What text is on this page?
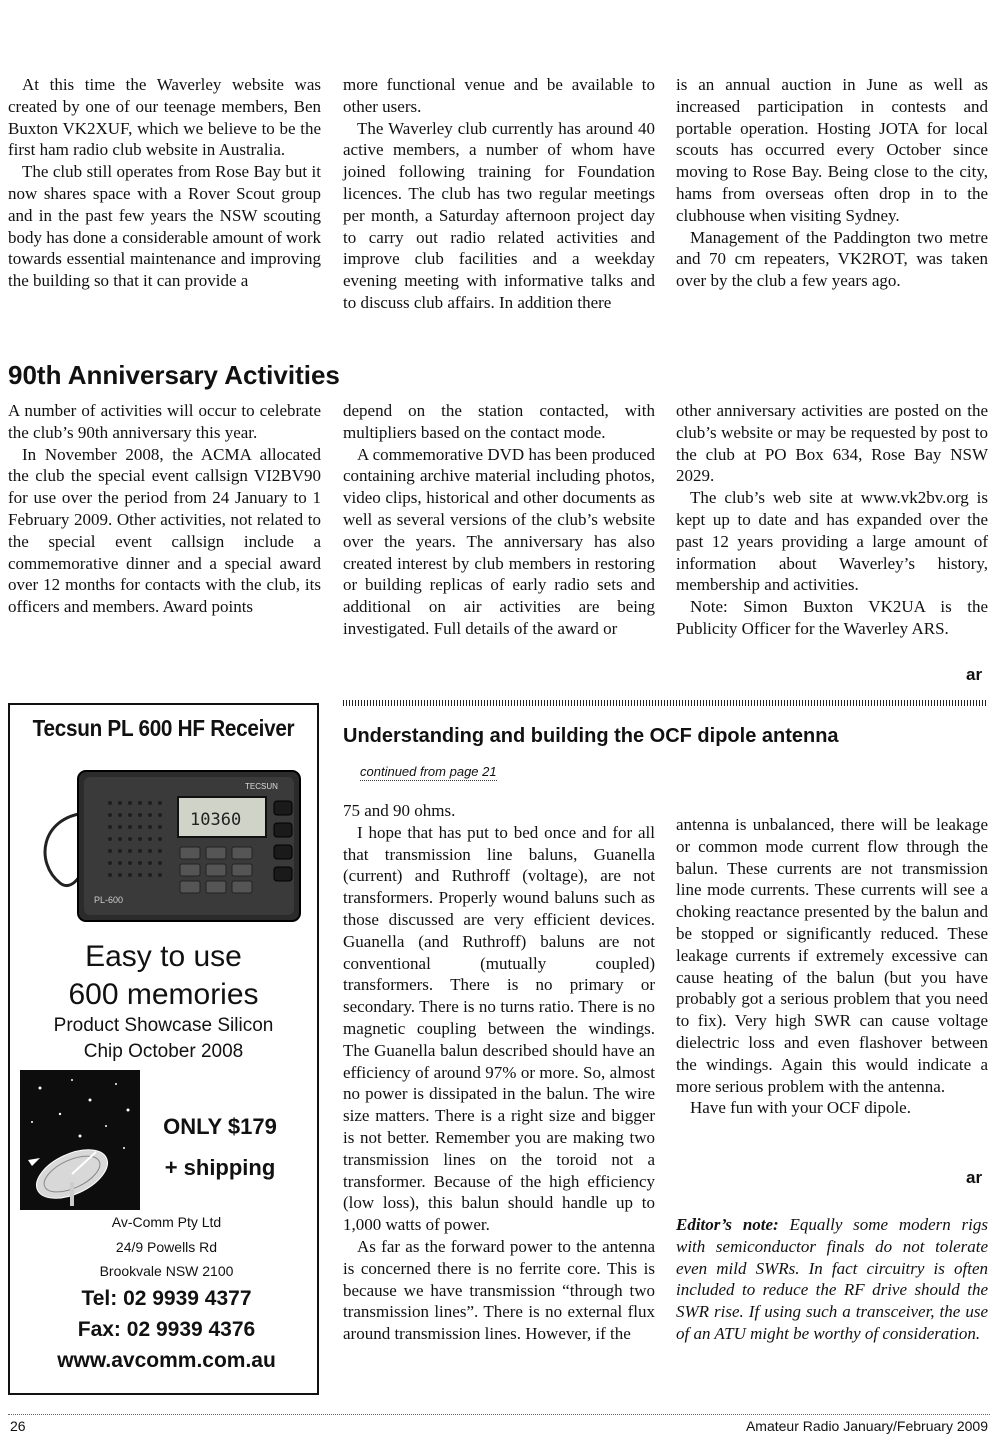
At this time the Waverley website was created by one of our teenage members, Ben Buxton VK2XUF, which we believe to be the first ham radio club website in Australia.

The club still operates from Rose Bay but it now shares space with a Rover Scout group and in the past few years the NSW scouting body has done a considerable amount of work towards essential maintenance and improving the building so that it can provide a

more functional venue and be available to other users.

The Waverley club currently has around 40 active members, a number of whom have joined following training for Foundation licences. The club has two regular meetings per month, a Saturday afternoon project day to carry out radio related activities and improve club facilities and a weekday evening meeting with informative talks and to discuss club affairs. In addition there

is an annual auction in June as well as increased participation in contests and portable operation. Hosting JOTA for local scouts has occurred every October since moving to Rose Bay. Being close to the city, hams from overseas often drop in to the clubhouse when visiting Sydney.

Management of the Paddington two metre and 70 cm repeaters, VK2ROT, was taken over by the club a few years ago.

90th Anniversary Activities

A number of activities will occur to celebrate the club’s 90th anniversary this year.

In November 2008, the ACMA allocated the club the special event callsign VI2BV90 for use over the period from 24 January to 1 February 2009. Other activities, not related to the special event callsign include a commemorative dinner and a special award over 12 months for contacts with the club, its officers and members. Award points

depend on the station contacted, with multipliers based on the contact mode.

A commemorative DVD has been produced containing archive material including photos, video clips, historical and other documents as well as several versions of the club’s website over the years. The anniversary has also created interest by club members in restoring or building replicas of early radio sets and additional on air activities are being investigated. Full details of the award or

other anniversary activities are posted on the club’s website or may be requested by post to the club at PO Box 634, Rose Bay NSW 2029.

The club’s web site at www.vk2bv.org is kept up to date and has expanded over the past 12 years providing a large amount of information about Waverley’s history, membership and activities.

Note: Simon Buxton VK2UA is the Publicity Officer for the Waverley ARS.

ar
Tecsun PL 600 HF Receiver
TECSUN
10360
PL-600
Easy to use
600 memories
Product Showcase Silicon
Chip October 2008
ONLY $179
+ shipping
Av-Comm Pty Ltd
24/9 Powells Rd
Brookvale NSW 2100
Tel: 02 9939 4377
Fax: 02 9939 4376
www.avcomm.com.au
Understanding and building the OCF dipole antenna
continued from page 21

75 and 90 ohms.

I hope that has put to bed once and for all that transmission line baluns, Guanella (current) and Ruthroff (voltage), are not transformers. Properly wound baluns such as those discussed are very efficient devices. Guanella (and Ruthroff) baluns are not conventional (mutually coupled) transformers. There is no primary or secondary. There is no turns ratio. There is no magnetic coupling between the windings. The Guanella balun described should have an efficiency of around 97% or more. So, almost no power is dissipated in the balun. The wire size matters. There is a right size and bigger is not better. Remember you are making two transmission lines on the toroid not a transformer. Because of the high efficiency (low loss), this balun should handle up to 1,000 watts of power.

As far as the forward power to the antenna is concerned there is no ferrite core. This is because we have transmission “through two transmission lines”. There is no external flux around transmission lines. However, if the

antenna is unbalanced, there will be leakage or common mode current flow through the balun. These currents are not transmission line mode currents. These currents will see a choking reactance presented by the balun and be stopped or significantly reduced. These leakage currents if extremely excessive can cause heating of the balun (but you have probably got a serious problem that you need to fix). Very high SWR can cause voltage dielectric loss and even flashover between the windings. Again this would indicate a more serious problem with the antenna.

Have fun with your OCF dipole.

ar

Editor’s note: Equally some modern rigs with semiconductor finals do not tolerate even mild SWRs. In fact circuitry is often included to reduce the RF drive should the SWR rise. If using such a transceiver, the use of an ATU might be worthy of consideration.

26	Amateur Radio January/February 2009
